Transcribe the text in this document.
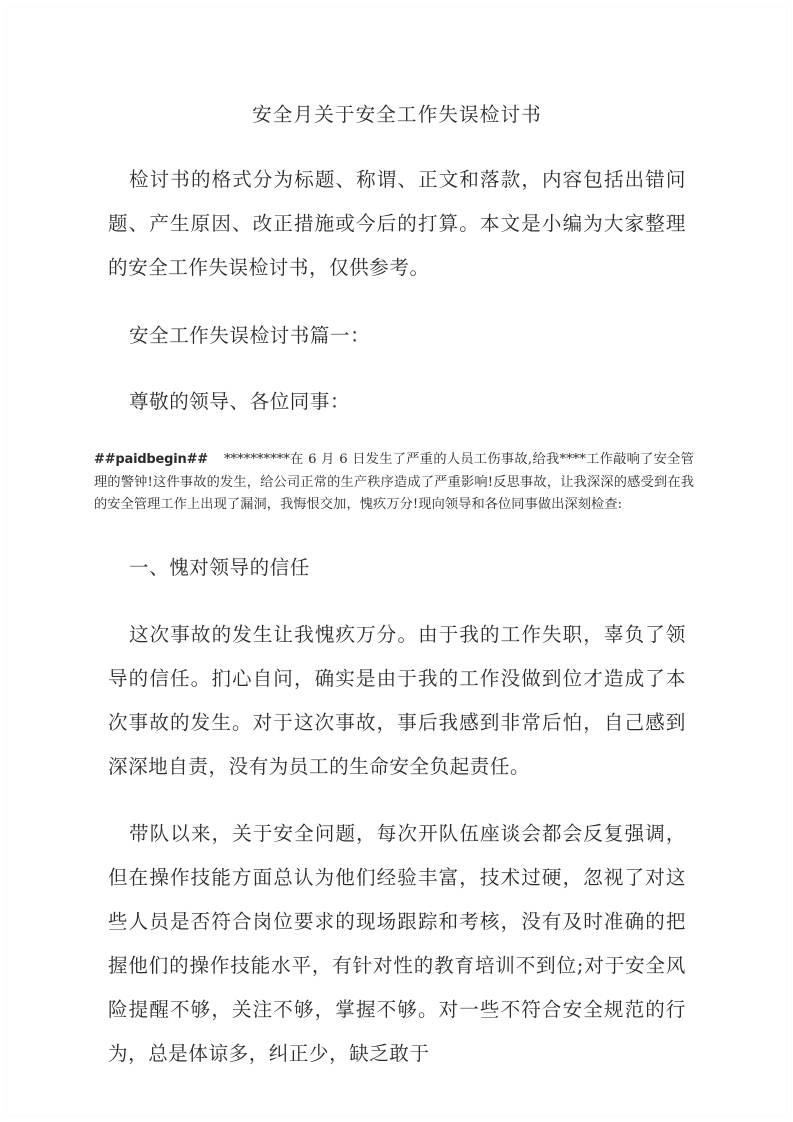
安全月关于安全工作失误检讨书

检讨书的格式分为标题、称谓、正文和落款，内容包括出错问题、产生原因、改正措施或今后的打算。本文是小编为大家整理的安全工作失误检讨书，仅供参考。

安全工作失误检讨书篇一：

尊敬的领导、各位同事：

##paidbegin## **********在 6 月 6 日发生了严重的人员工伤事故,给我****工作敲响了安全管理的警钟!这件事故的发生，给公司正常的生产秩序造成了严重影响!反思事故，让我深深的感受到在我的安全管理工作上出现了漏洞，我悔恨交加，愧疚万分!现向领导和各位同事做出深刻检查:

一、愧对领导的信任

这次事故的发生让我愧疚万分。由于我的工作失职，辜负了领导的信任。扪心自问，确实是由于我的工作没做到位才造成了本次事故的发生。对于这次事故，事后我感到非常后怕，自己感到深深地自责，没有为员工的生命安全负起责任。

带队以来，关于安全问题，每次开队伍座谈会都会反复强调，但在操作技能方面总认为他们经验丰富，技术过硬，忽视了对这些人员是否符合岗位要求的现场跟踪和考核，没有及时准确的把握他们的操作技能水平，有针对性的教育培训不到位;对于安全风险提醒不够，关注不够，掌握不够。对一些不符合安全规范的行为，总是体谅多，纠正少，缺乏敢于
